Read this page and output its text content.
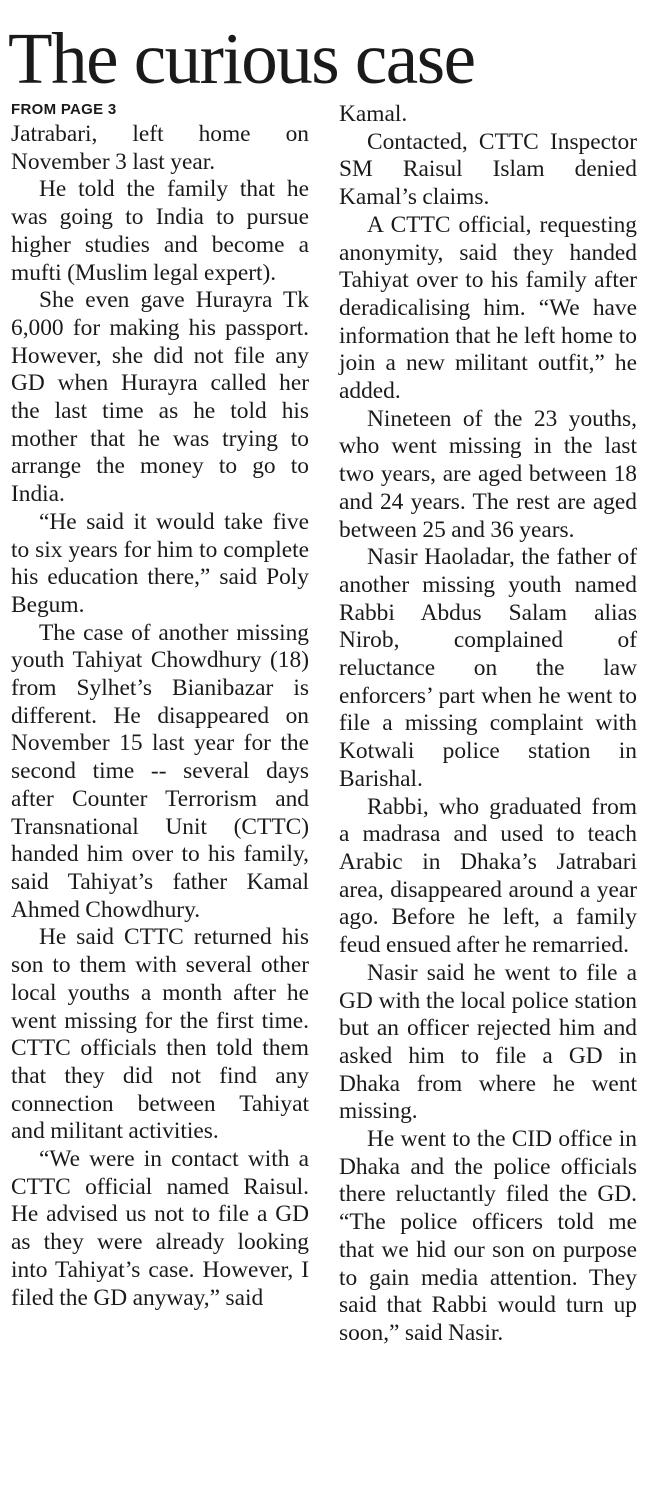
The curious case
FROM PAGE 3

Jatrabari, left home on November 3 last year.

He told the family that he was going to India to pursue higher studies and become a mufti (Muslim legal expert).

She even gave Hurayra Tk 6,000 for making his passport. However, she did not file any GD when Hurayra called her the last time as he told his mother that he was trying to arrange the money to go to India.

“He said it would take five to six years for him to complete his education there,” said Poly Begum.

The case of another missing youth Tahiyat Chowdhury (18) from Sylhet’s Bianibazar is different. He disappeared on November 15 last year for the second time -- several days after Counter Terrorism and Transnational Unit (CTTC) handed him over to his family, said Tahiyat’s father Kamal Ahmed Chowdhury.

He said CTTC returned his son to them with several other local youths a month after he went missing for the first time. CTTC officials then told them that they did not find any connection between Tahiyat and militant activities.

“We were in contact with a CTTC official named Raisul. He advised us not to file a GD as they were already looking into Tahiyat’s case. However, I filed the GD anyway,” said

Kamal.

Contacted, CTTC Inspector SM Raisul Islam denied Kamal’s claims.

A CTTC official, requesting anonymity, said they handed Tahiyat over to his family after deradicalising him. “We have information that he left home to join a new militant outfit,” he added.

Nineteen of the 23 youths, who went missing in the last two years, are aged between 18 and 24 years. The rest are aged between 25 and 36 years.

Nasir Haoladar, the father of another missing youth named Rabbi Abdus Salam alias Nirob, complained of reluctance on the law enforcers’ part when he went to file a missing complaint with Kotwali police station in Barishal.

Rabbi, who graduated from a madrasa and used to teach Arabic in Dhaka’s Jatrabari area, disappeared around a year ago. Before he left, a family feud ensued after he remarried.

Nasir said he went to file a GD with the local police station but an officer rejected him and asked him to file a GD in Dhaka from where he went missing.

He went to the CID office in Dhaka and the police officials there reluctantly filed the GD. “The police officers told me that we hid our son on purpose to gain media attention. They said that Rabbi would turn up soon,” said Nasir.
